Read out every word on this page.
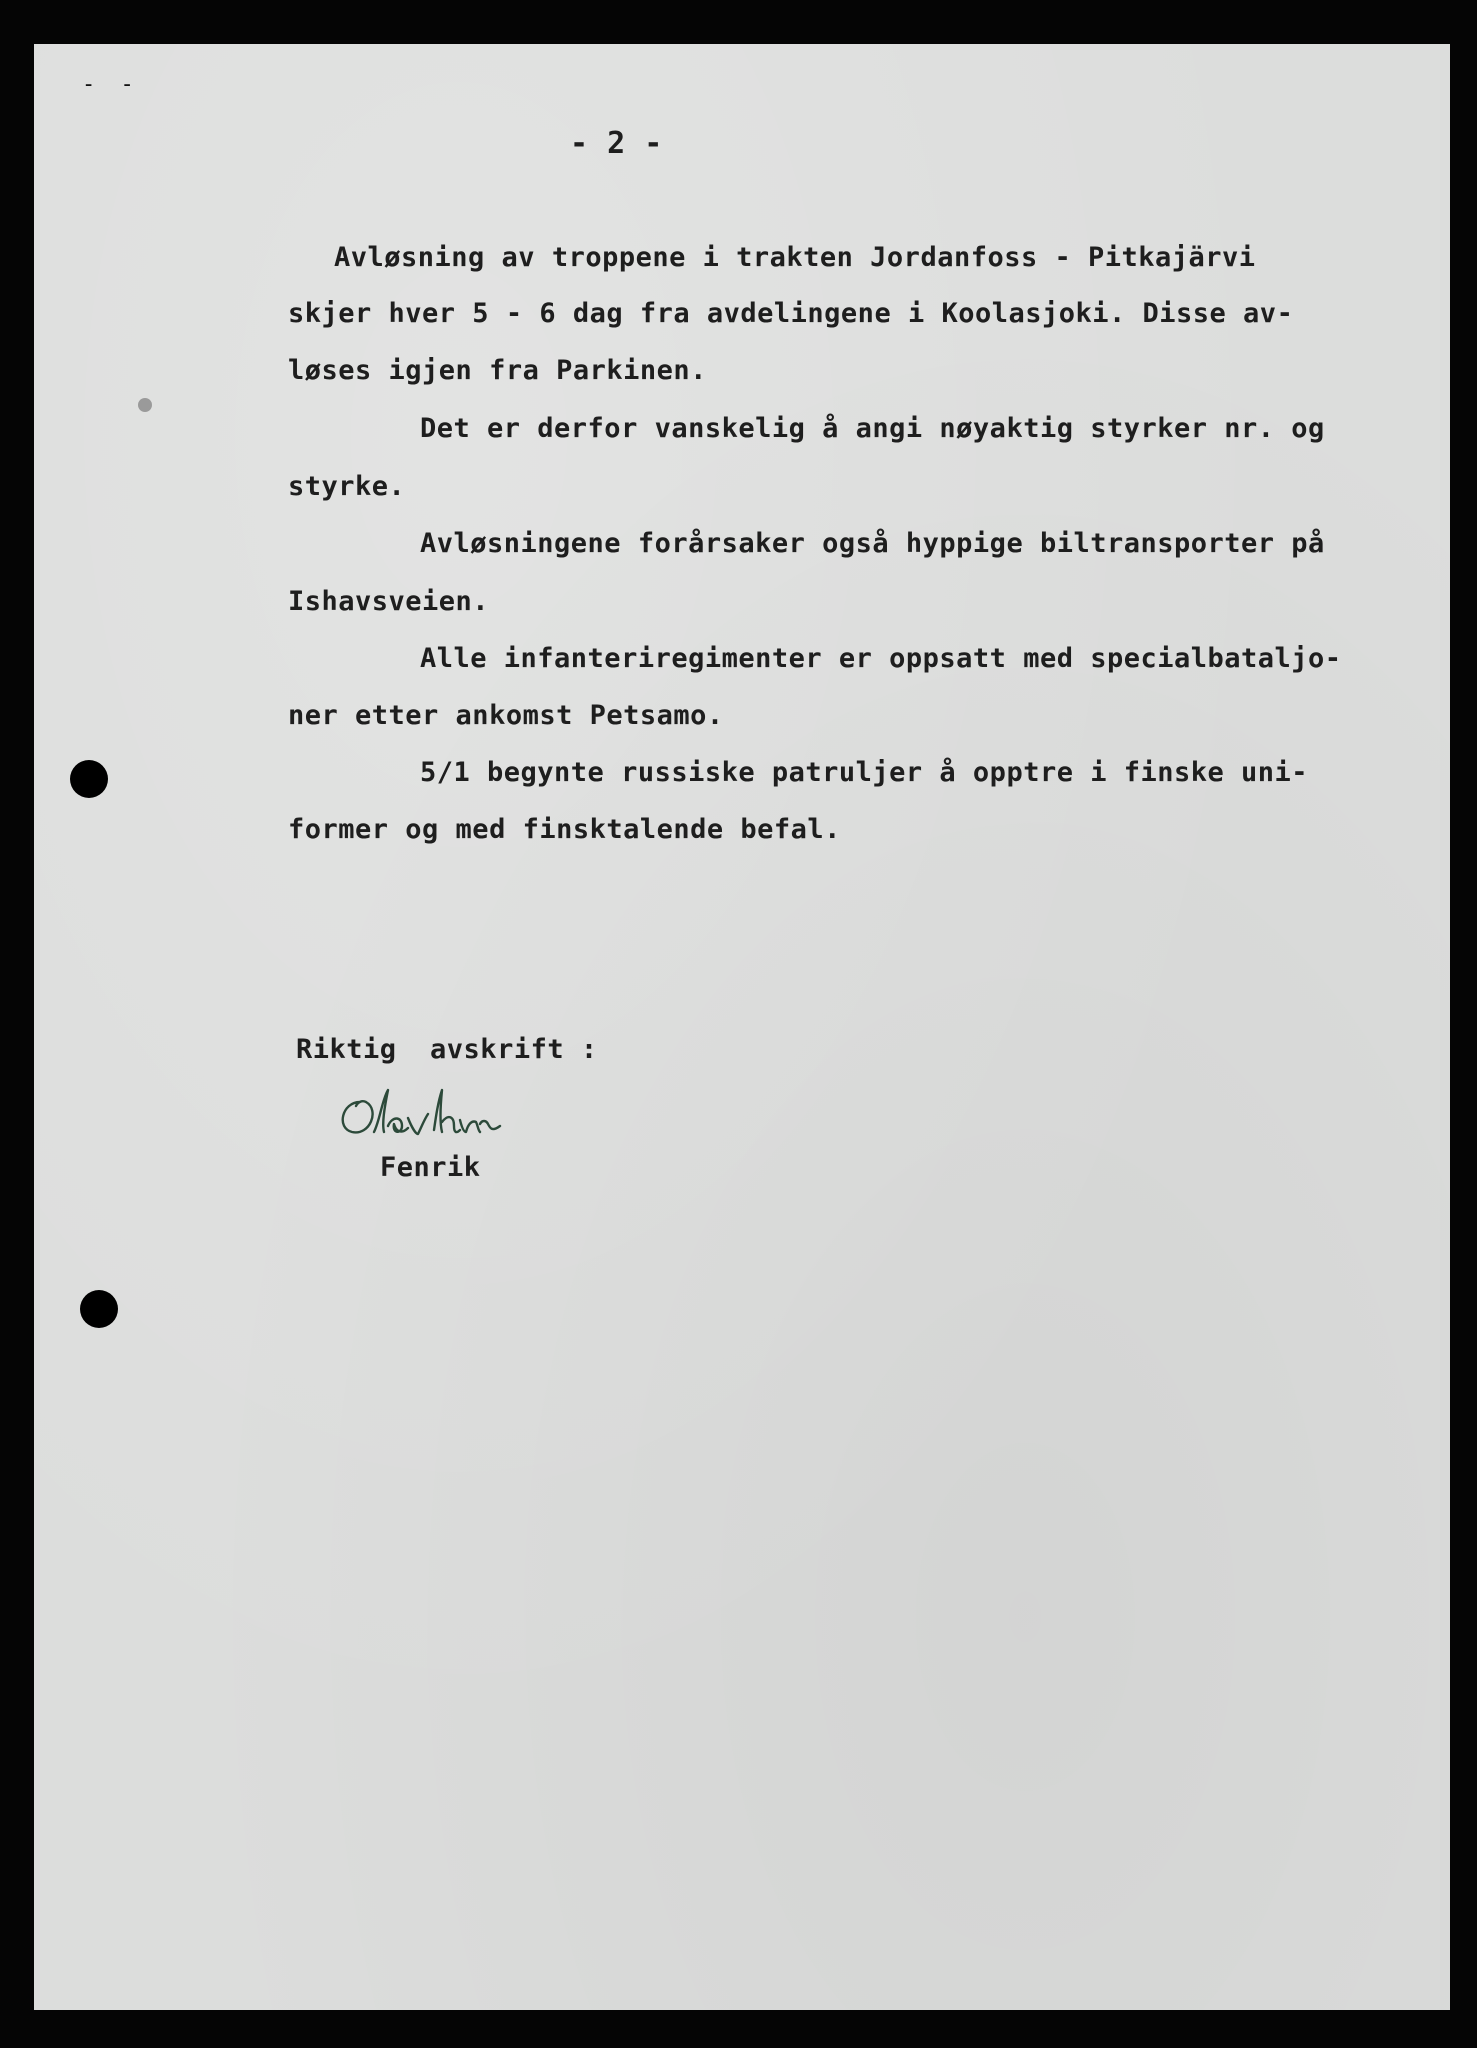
- -
- 2 -
Avløsning av troppene i trakten Jordanfoss - Pitkajärvi
skjer hver 5 - 6 dag fra avdelingene i Koolasjoki. Disse av-
løses igjen fra Parkinen.
Det er derfor vanskelig å angi nøyaktig styrker nr. og
styrke.
Avløsningene forårsaker også hyppige biltransporter på
Ishavsveien.
Alle infanteriregimenter er oppsatt med specialbataljo-
ner etter ankomst Petsamo.
5/1 begynte russiske patruljer å opptre i finske uni-
former og med finsktalende befal.
Riktig  avskrift :
Fenrik
